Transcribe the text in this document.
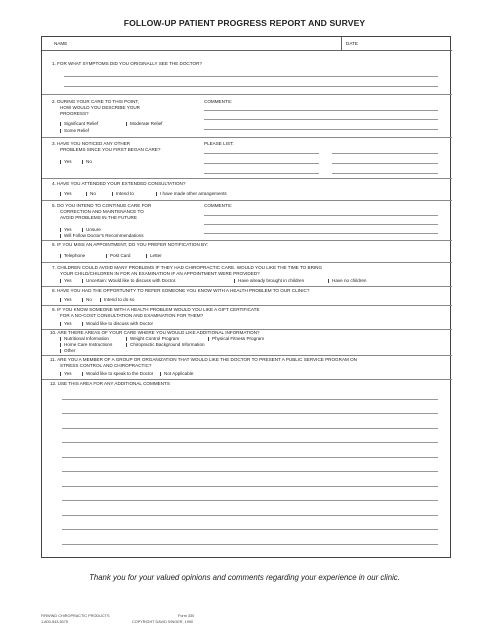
FOLLOW-UP PATIENT PROGRESS REPORT AND SURVEY
NAME	DATE
1. FOR WHAT SYMPTOMS DID YOU ORIGINALLY SEE THE DOCTOR?
2. DURING YOUR CARE TO THIS POINT,
HOW WOULD YOU DESCRIBE YOUR
PROGRESS?
COMMENTS:
Significant Relief	Moderate Relief
Some Relief
3. HAVE YOU NOTICED ANY OTHER
PROBLEMS SINCE YOU FIRST BEGAN CARE?
PLEASE LIST:
Yes	No
4. HAVE YOU ATTENDED YOUR EXTENDED CONSULTATION?
Yes	No	Intend to	I have made other arrangements
5. DO YOU INTEND TO CONTINUE CARE FOR
CORRECTION AND MAINTENANCE TO
AVOID PROBLEMS IN THE FUTURE
COMMENTS:
Yes	Unsure
Will Follow Doctor's Recommendations
6. IF YOU MISS AN APPOINTMENT, DO YOU PREFER NOTIFICATION BY:
Telephone	Post Card	Letter
7. CHILDREN COULD AVOID MANY PROBLEMS IF THEY HAD CHIROPRACTIC CARE. WOULD YOU LIKE THE TIME TO BRING
YOUR CHILD/CHILDREN IN FOR AN EXAMINATION IF AN APPOINTMENT WERE PROVIDED?
Yes	Uncertain: Would like to discuss with Doctor.	Have already brought in children	Have no children
8. HAVE YOU HAD THE OPPORTUNITY TO REFER SOMEONE YOU KNOW WITH A HEALTH PROBLEM TO OUR CLINIC?
Yes	No	Intend to do so
9. IF YOU KNOW SOMEONE WITH A HEALTH PROBLEM WOULD YOU LIKE A GIFT CERTIFICATE
FOR A NO-COST CONSULTATION AND EXAMINATION FOR THEM?
Yes	Would like to discuss with Doctor
10. ARE THERE AREAS OF YOUR CARE WHERE YOU WOULD LIKE ADDITIONAL INFORMATION?
Nutritional Information	Weight Control Program	Physical Fitness Program
Home Care Instructions	Chiropractic Background Information
Other
11. ARE YOU A MEMBER OF A GROUP OR ORGANIZATION THAT WOULD LIKE THE DOCTOR TO PRESENT A PUBLIC SERVICE PROGRAM ON
STRESS CONTROL AND CHIROPRACTIC?
Yes	Would like to speak to the Doctor	Not Applicable
12. USE THIS AREA FOR ANY ADDITIONAL COMMENTS
Thank you for your valued opinions and comments regarding your experience in our clinic.
FIRWIND CHIROPRACTIC PRODUCTS
1-800-543-5075
Form 330
COPYRIGHT DAVID SINGER, 1990
